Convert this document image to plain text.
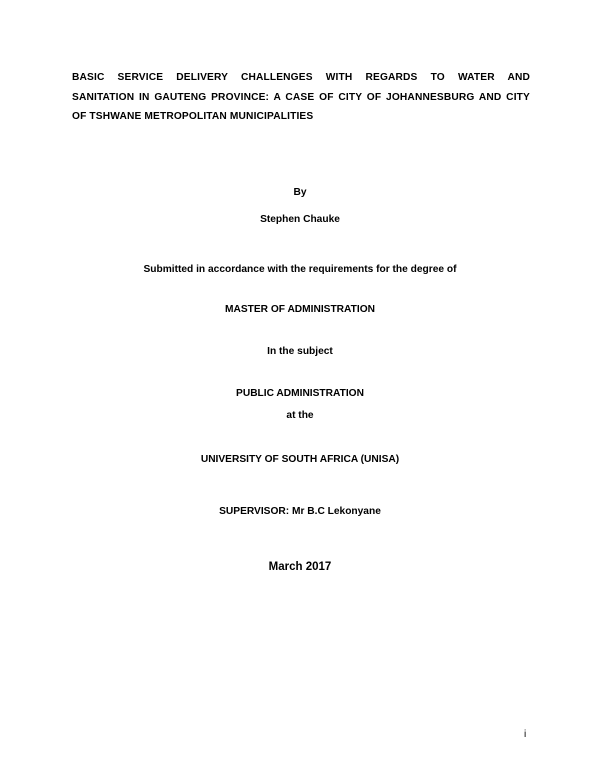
BASIC SERVICE DELIVERY CHALLENGES WITH REGARDS TO WATER AND
SANITATION IN GAUTENG PROVINCE: A CASE OF CITY OF JOHANNESBURG AND CITY
OF TSHWANE METROPOLITAN MUNICIPALITIES
By
Stephen Chauke
Submitted in accordance with the requirements for the degree of
MASTER OF ADMINISTRATION
In the subject
PUBLIC ADMINISTRATION
at the
UNIVERSITY OF SOUTH AFRICA (UNISA)
SUPERVISOR: Mr B.C Lekonyane
March 2017
i
